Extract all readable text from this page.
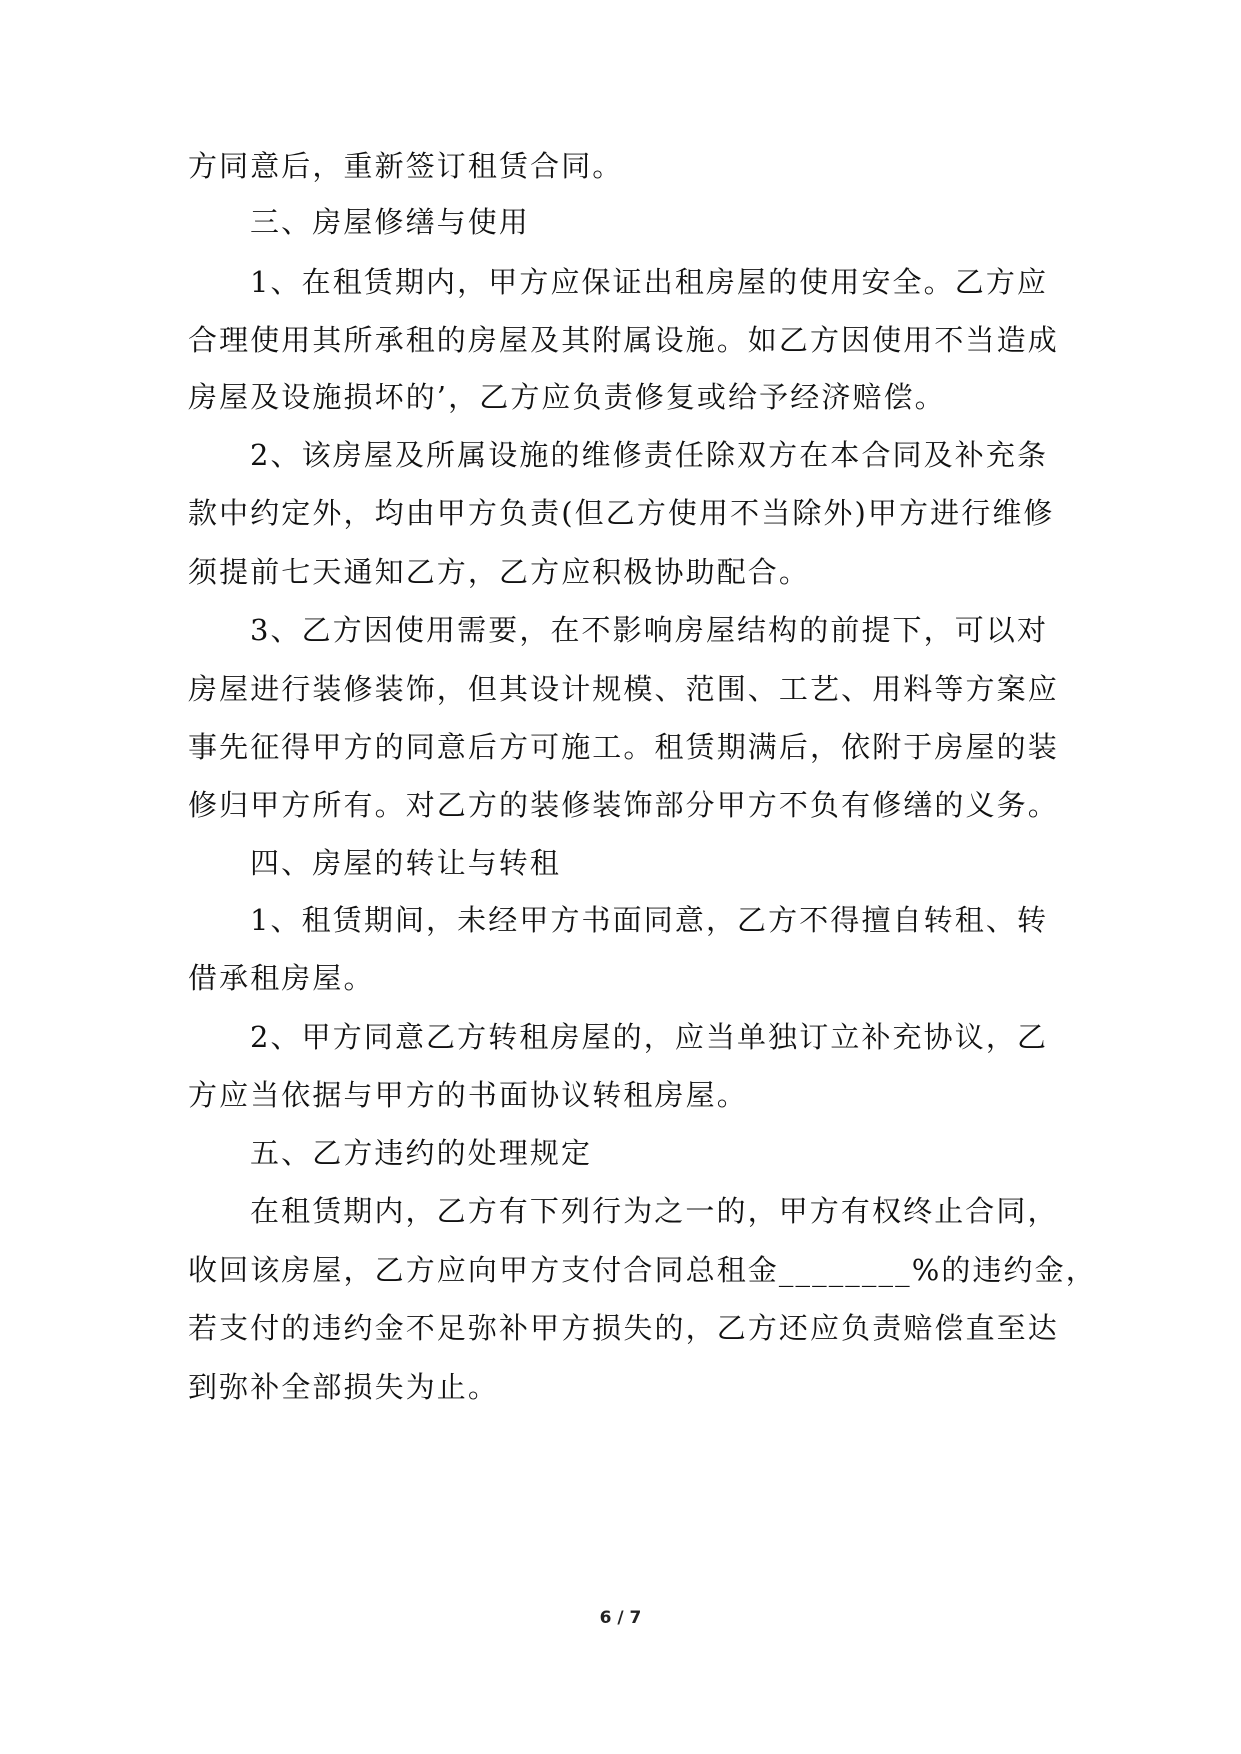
方同意后，重新签订租赁合同。

三、房屋修缮与使用

1、在租赁期内，甲方应保证出租房屋的使用安全。乙方应

合理使用其所承租的房屋及其附属设施。如乙方因使用不当造成

房屋及设施损坏的’，乙方应负责修复或给予经济赔偿。

2、该房屋及所属设施的维修责任除双方在本合同及补充条

款中约定外，均由甲方负责(但乙方使用不当除外)甲方进行维修

须提前七天通知乙方，乙方应积极协助配合。

3、乙方因使用需要，在不影响房屋结构的前提下，可以对

房屋进行装修装饰，但其设计规模、范围、工艺、用料等方案应

事先征得甲方的同意后方可施工。租赁期满后，依附于房屋的装

修归甲方所有。对乙方的装修装饰部分甲方不负有修缮的义务。

四、房屋的转让与转租

1、租赁期间，未经甲方书面同意，乙方不得擅自转租、转

借承租房屋。

2、甲方同意乙方转租房屋的，应当单独订立补充协议，乙

方应当依据与甲方的书面协议转租房屋。

五、乙方违约的处理规定

在租赁期内，乙方有下列行为之一的，甲方有权终止合同，

收回该房屋，乙方应向甲方支付合同总租金________%的违约金，

若支付的违约金不足弥补甲方损失的，乙方还应负责赔偿直至达

到弥补全部损失为止。

6 / 7
